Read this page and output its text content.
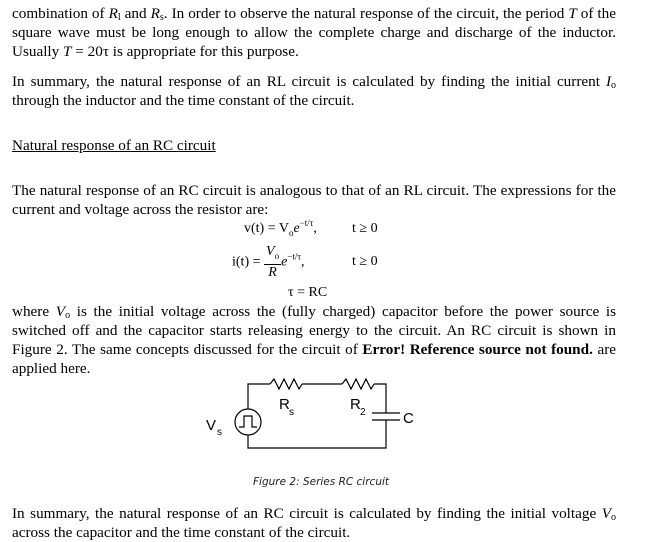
combination of $R_l$ and $R_s$. In order to observe the natural response of the circuit, the period T of the square wave must be long enough to allow the complete charge and discharge of the inductor. Usually T = 20τ is appropriate for this purpose.

In summary, the natural response of an RL circuit is calculated by finding the initial current $I_o$ through the inductor and the time constant of the circuit.

Natural response of an RC circuit

The natural response of an RC circuit is analogous to that of an RL circuit. The expressions for the current and voltage across the resistor are:

$v(t) = V_oe^{-t/\tau}$,	t ≥ 0
$i(t) = \frac{V_o}{R} e^{-t/\tau}$,	t ≥ 0
τ = RC

where $V_o$ is the initial voltage across the (fully charged) capacitor before the power source is switched off and the capacitor starts releasing energy to the circuit. An RC circuit is shown in Figure 2. The same concepts discussed for the circuit of Error! Reference source not found. are applied here.

V s
R s	R 2 C
Figure 2: Series RC circuit

In summary, the natural response of an RC circuit is calculated by finding the initial voltage $V_o$ across the capacitor and the time constant of the circuit.
